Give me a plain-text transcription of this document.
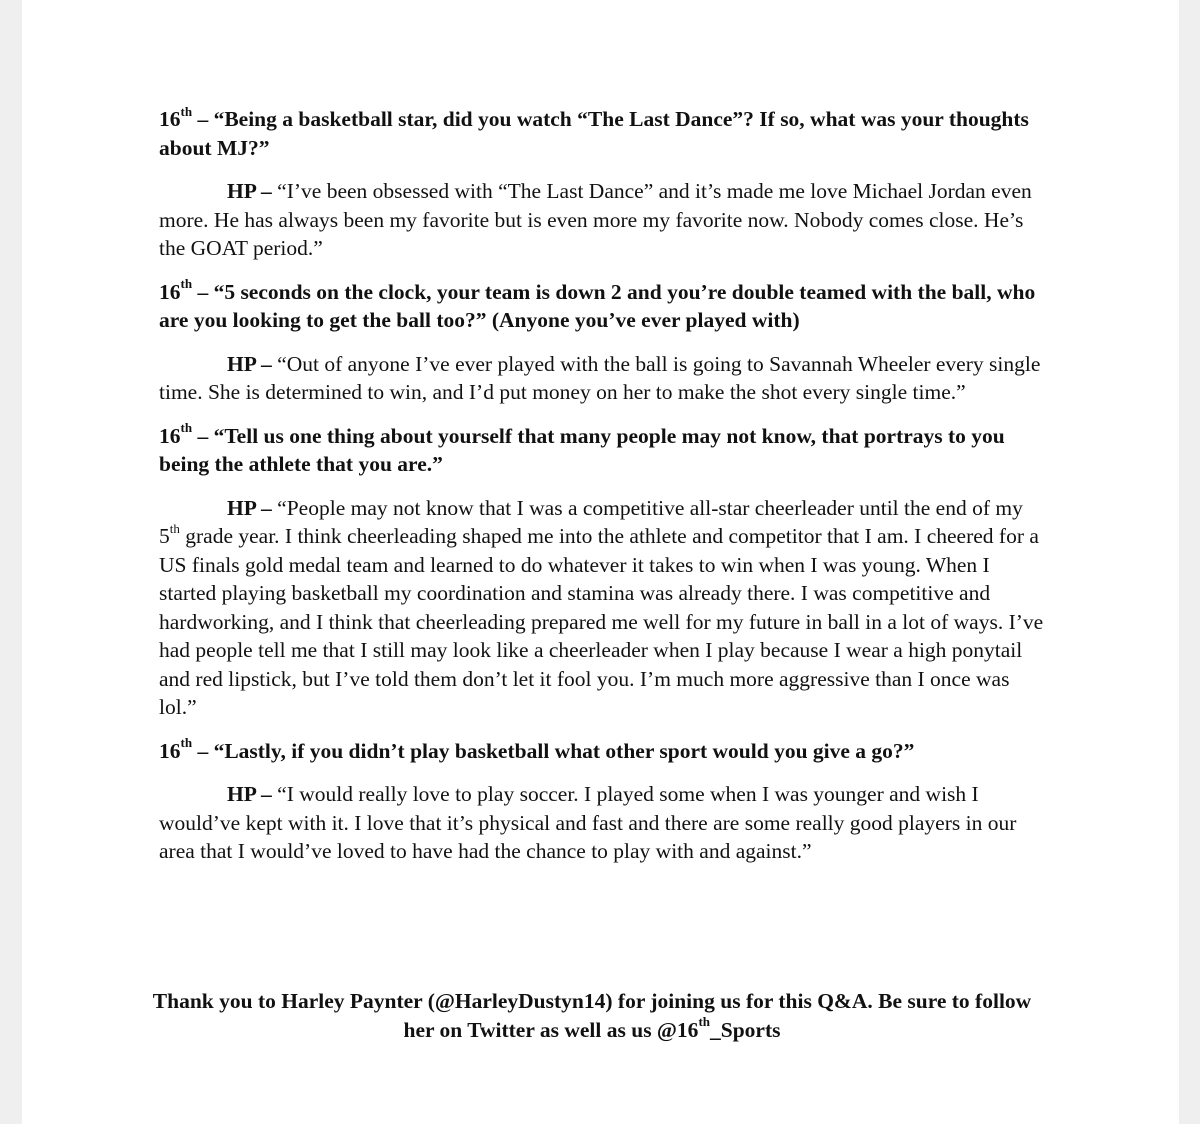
16th – “Being a basketball star, did you watch “The Last Dance”? If so, what was your thoughts about MJ?”

HP – “I’ve been obsessed with “The Last Dance” and it’s made me love Michael Jordan even more. He has always been my favorite but is even more my favorite now. Nobody comes close. He’s the GOAT period.”

16th – “5 seconds on the clock, your team is down 2 and you’re double teamed with the ball, who are you looking to get the ball too?” (Anyone you’ve ever played with)

HP – “Out of anyone I’ve ever played with the ball is going to Savannah Wheeler every single time. She is determined to win, and I’d put money on her to make the shot every single time.”

16th – “Tell us one thing about yourself that many people may not know, that portrays to you being the athlete that you are.”

HP – “People may not know that I was a competitive all-star cheerleader until the end of my 5th grade year. I think cheerleading shaped me into the athlete and competitor that I am. I cheered for a US finals gold medal team and learned to do whatever it takes to win when I was young. When I started playing basketball my coordination and stamina was already there. I was competitive and hardworking, and I think that cheerleading prepared me well for my future in ball in a lot of ways. I’ve had people tell me that I still may look like a cheerleader when I play because I wear a high ponytail and red lipstick, but I’ve told them don’t let it fool you. I’m much more aggressive than I once was lol.”

16th – “Lastly, if you didn’t play basketball what other sport would you give a go?”

HP – “I would really love to play soccer. I played some when I was younger and wish I would’ve kept with it. I love that it’s physical and fast and there are some really good players in our area that I would’ve loved to have had the chance to play with and against.”

Thank you to Harley Paynter (@HarleyDustyn14) for joining us for this Q&A. Be sure to follow her on Twitter as well as us @16th_Sports
